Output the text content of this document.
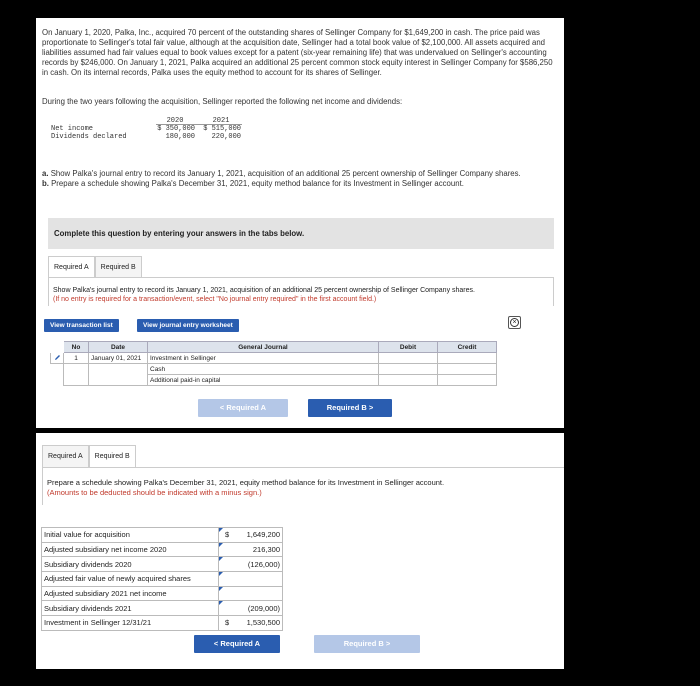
On January 1, 2020, Palka, Inc., acquired 70 percent of the outstanding shares of Sellinger Company for $1,649,200 in cash. The price paid was proportionate to Sellinger's total fair value, although at the acquisition date, Sellinger had a total book value of $2,100,000. All assets acquired and liabilities assumed had fair values equal to book values except for a patent (six-year remaining life) that was undervalued on Sellinger's accounting records by $246,000. On January 1, 2021, Palka acquired an additional 25 percent common stock equity interest in Sellinger Company for $586,250 in cash. On its internal records, Palka uses the equity method to account for its shares of Sellinger.
During the two years following the acquisition, Sellinger reported the following net income and dividends:
	2020	2021
Net income	$ 350,000	$ 515,000
Dividends declared	180,000	220,000
a. Show Palka's journal entry to record its January 1, 2021, acquisition of an additional 25 percent ownership of Sellinger Company shares.
b. Prepare a schedule showing Palka's December 31, 2021, equity method balance for its Investment in Sellinger account.
Complete this question by entering your answers in the tabs below.
Required A	Required B
Show Palka's journal entry to record its January 1, 2021, acquisition of an additional 25 percent ownership of Sellinger Company shares.
(If no entry is required for a transaction/event, select "No journal entry required" in the first account field.)
View transaction list	View journal entry worksheet	×
	No	Date	General Journal	Debit	Credit
	1	January 01, 2021	Investment in Sellinger		
			Cash		
			Additional paid-in capital		
< Required A	Required B >
Required A	Required B
Prepare a schedule showing Palka's December 31, 2021, equity method balance for its Investment in Sellinger account.
(Amounts to be deducted should be indicated with a minus sign.)
Initial value for acquisition	$ 1,649,200
Adjusted subsidiary net income 2020	216,300
Subsidiary dividends 2020	(126,000)
Adjusted fair value of newly acquired shares	

Adjusted subsidiary 2021 net income	

Subsidiary dividends 2021	(209,000)
Investment in Sellinger 12/31/21	$ 1,530,500
< Required A	Required B >
